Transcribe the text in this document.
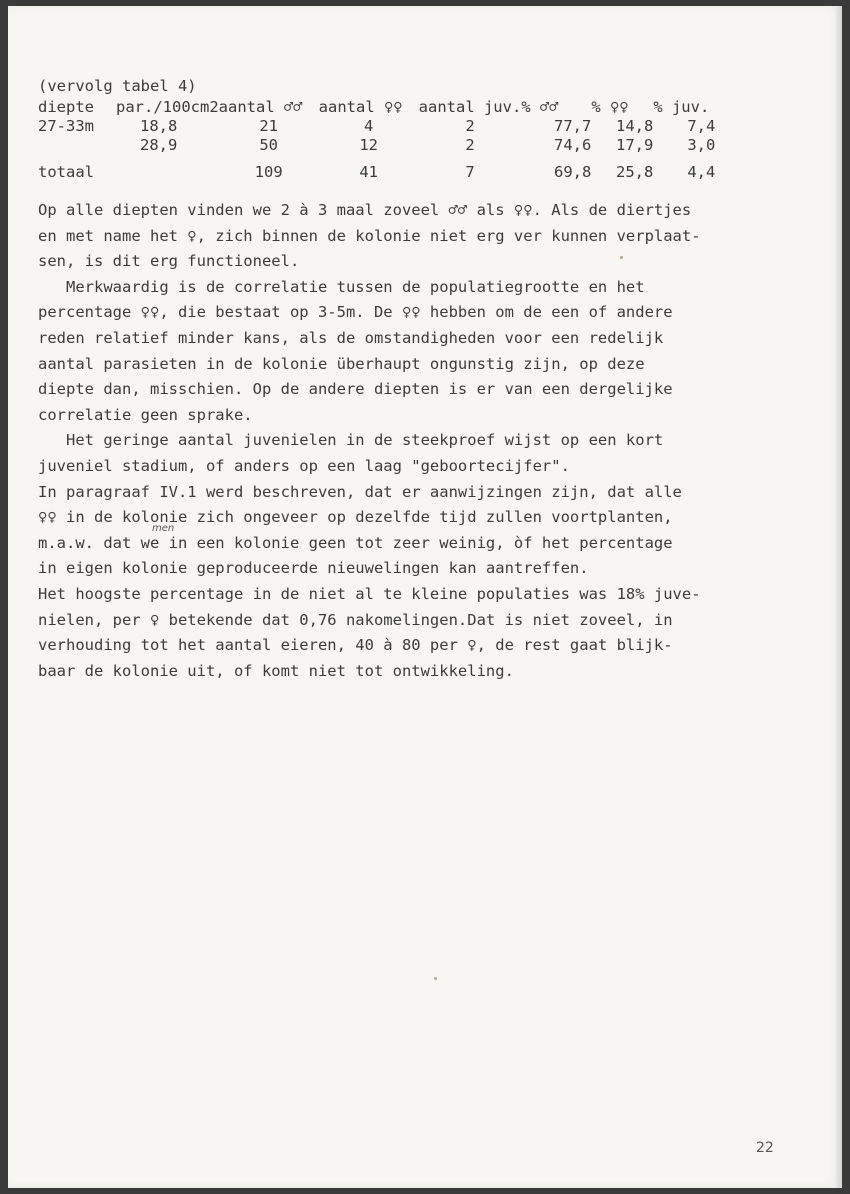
(vervolg tabel 4)
diepte	par./100cm2	aantal ♂♂	aantal ♀♀	aantal juv.	% ♂♂	% ♀♀	% juv.
27-33m	18,8	21	4	2	77,7	14,8	7,4
	28,9	50	12	2	74,6	17,9	3,0

totaal		109	41	7	69,8	25,8	4,4
Op alle diepten vinden we 2 à 3 maal zoveel ♂♂ als ♀♀. Als de diertjes
en met name het ♀, zich binnen de kolonie niet erg ver kunnen verplaat-
sen, is dit erg functioneel.
Merkwaardig is de correlatie tussen de populatiegrootte en het
percentage ♀♀, die bestaat op 3-5m. De ♀♀ hebben om de een of andere
reden relatief minder kans, als de omstandigheden voor een redelijk
aantal parasieten in de kolonie überhaupt ongunstig zijn, op deze
diepte dan, misschien. Op de andere diepten is er van een dergelijke
correlatie geen sprake.
Het geringe aantal juvenielen in de steekproef wijst op een kort
juveniel stadium, of anders op een laag "geboortecijfer".
In paragraaf IV.1 werd beschreven, dat er aanwijzingen zijn, dat alle
♀♀ in de kolonie zich ongeveer op dezelfde tijd zullen voortplanten,
m.a.w. dat we in een kolonie geen tot zeer weinig, òf het percentage
in eigen kolonie geproduceerde nieuwelingen kan aantreffen.
Het hoogste percentage in de niet al te kleine populaties was 18% juve-
nielen, per ♀ betekende dat 0,76 nakomelingen.Dat is niet zoveel, in
verhouding tot het aantal eieren, 40 à 80 per ♀, de rest gaat blijk-
baar de kolonie uit, of komt niet tot ontwikkeling.
men
22
